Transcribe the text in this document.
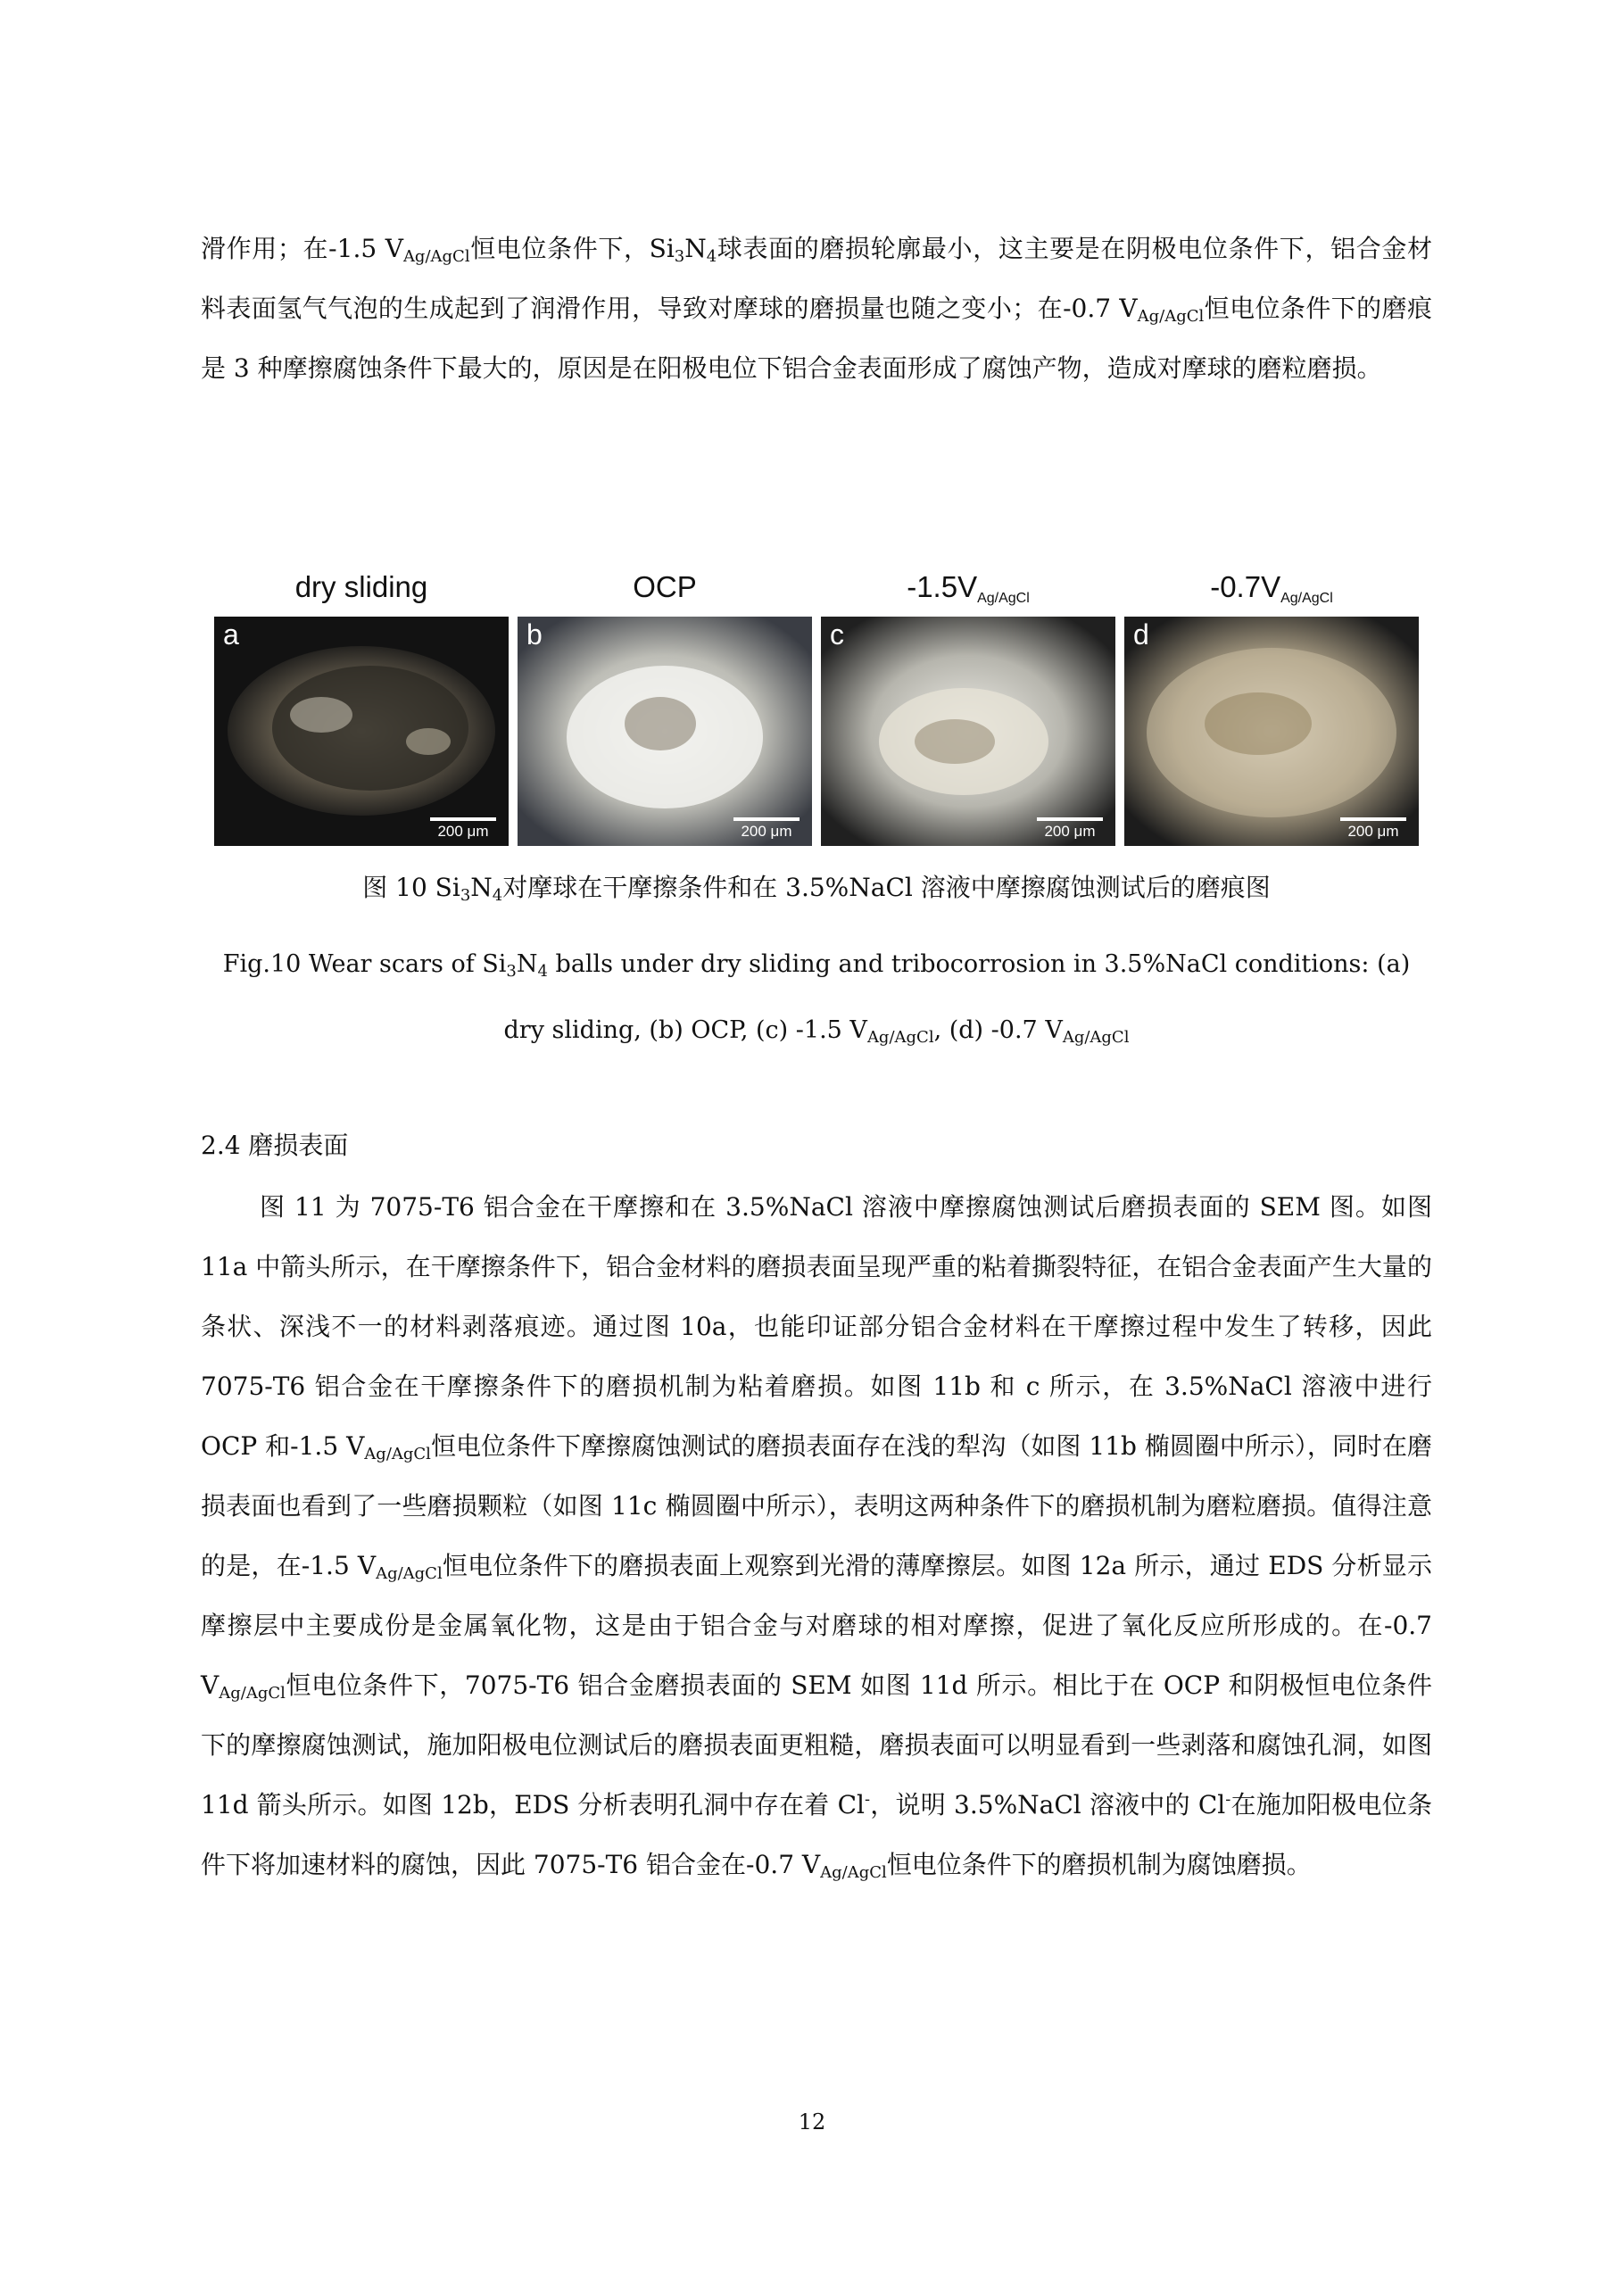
滑作用；在-1.5 $V_{Ag/AgCl}$恒电位条件下，$Si_3N_4$球表面的磨损轮廓最小，这主要是在阴极电位条件下，铝合金材料表面氢气气泡的生成起到了润滑作用，导致对摩球的磨损量也随之变小；在-0.7 $V_{Ag/AgCl}$恒电位条件下的磨痕是 3 种摩擦腐蚀条件下最大的，原因是在阳极电位下铝合金表面形成了腐蚀产物，造成对摩球的磨粒磨损。

dry sliding
a
200 μm
OCP
b
200 μm
$-1.5V_{Ag/AgCl}$
c
200 μm
$-0.7V_{Ag/AgCl}$
d
200 μm
图 10 $Si_3N_4$对摩球在干摩擦条件和在 3.5%NaCl 溶液中摩擦腐蚀测试后的磨痕图
Fig.10 Wear scars of $Si_3N_4$ balls under dry sliding and tribocorrosion in 3.5%NaCl conditions: (a) dry sliding, (b) OCP, (c) -1.5 $V_{Ag/AgCl}$, (d) -0.7 $V_{Ag/AgCl}$
2.4 磨损表面

图 11 为 7075-T6 铝合金在干摩擦和在 3.5%NaCl 溶液中摩擦腐蚀测试后磨损表面的 SEM 图。如图 11a 中箭头所示，在干摩擦条件下，铝合金材料的磨损表面呈现严重的粘着撕裂特征，在铝合金表面产生大量的条状、深浅不一的材料剥落痕迹。通过图 10a，也能印证部分铝合金材料在干摩擦过程中发生了转移，因此 7075-T6 铝合金在干摩擦条件下的磨损机制为粘着磨损。如图 11b 和 c 所示，在 3.5%NaCl 溶液中进行 OCP 和-1.5 $V_{Ag/AgCl}$恒电位条件下摩擦腐蚀测试的磨损表面存在浅的犁沟（如图 11b 椭圆圈中所示），同时在磨损表面也看到了一些磨损颗粒（如图 11c 椭圆圈中所示），表明这两种条件下的磨损机制为磨粒磨损。值得注意的是，在-1.5 $V_{Ag/AgCl}$恒电位条件下的磨损表面上观察到光滑的薄摩擦层。如图 12a 所示，通过 EDS 分析显示摩擦层中主要成份是金属氧化物，这是由于铝合金与对磨球的相对摩擦，促进了氧化反应所形成的。在-0.7 $V_{Ag/AgCl}$恒电位条件下，7075-T6 铝合金磨损表面的 SEM 如图 11d 所示。相比于在 OCP 和阴极恒电位条件下的摩擦腐蚀测试，施加阳极电位测试后的磨损表面更粗糙，磨损表面可以明显看到一些剥落和腐蚀孔洞，如图 11d 箭头所示。如图 12b，EDS 分析表明孔洞中存在着 Cl-，说明 3.5%NaCl 溶液中的 Cl-在施加阳极电位条件下将加速材料的腐蚀，因此 7075-T6 铝合金在-0.7 $V_{Ag/AgCl}$恒电位条件下的磨损机制为腐蚀磨损。

12
